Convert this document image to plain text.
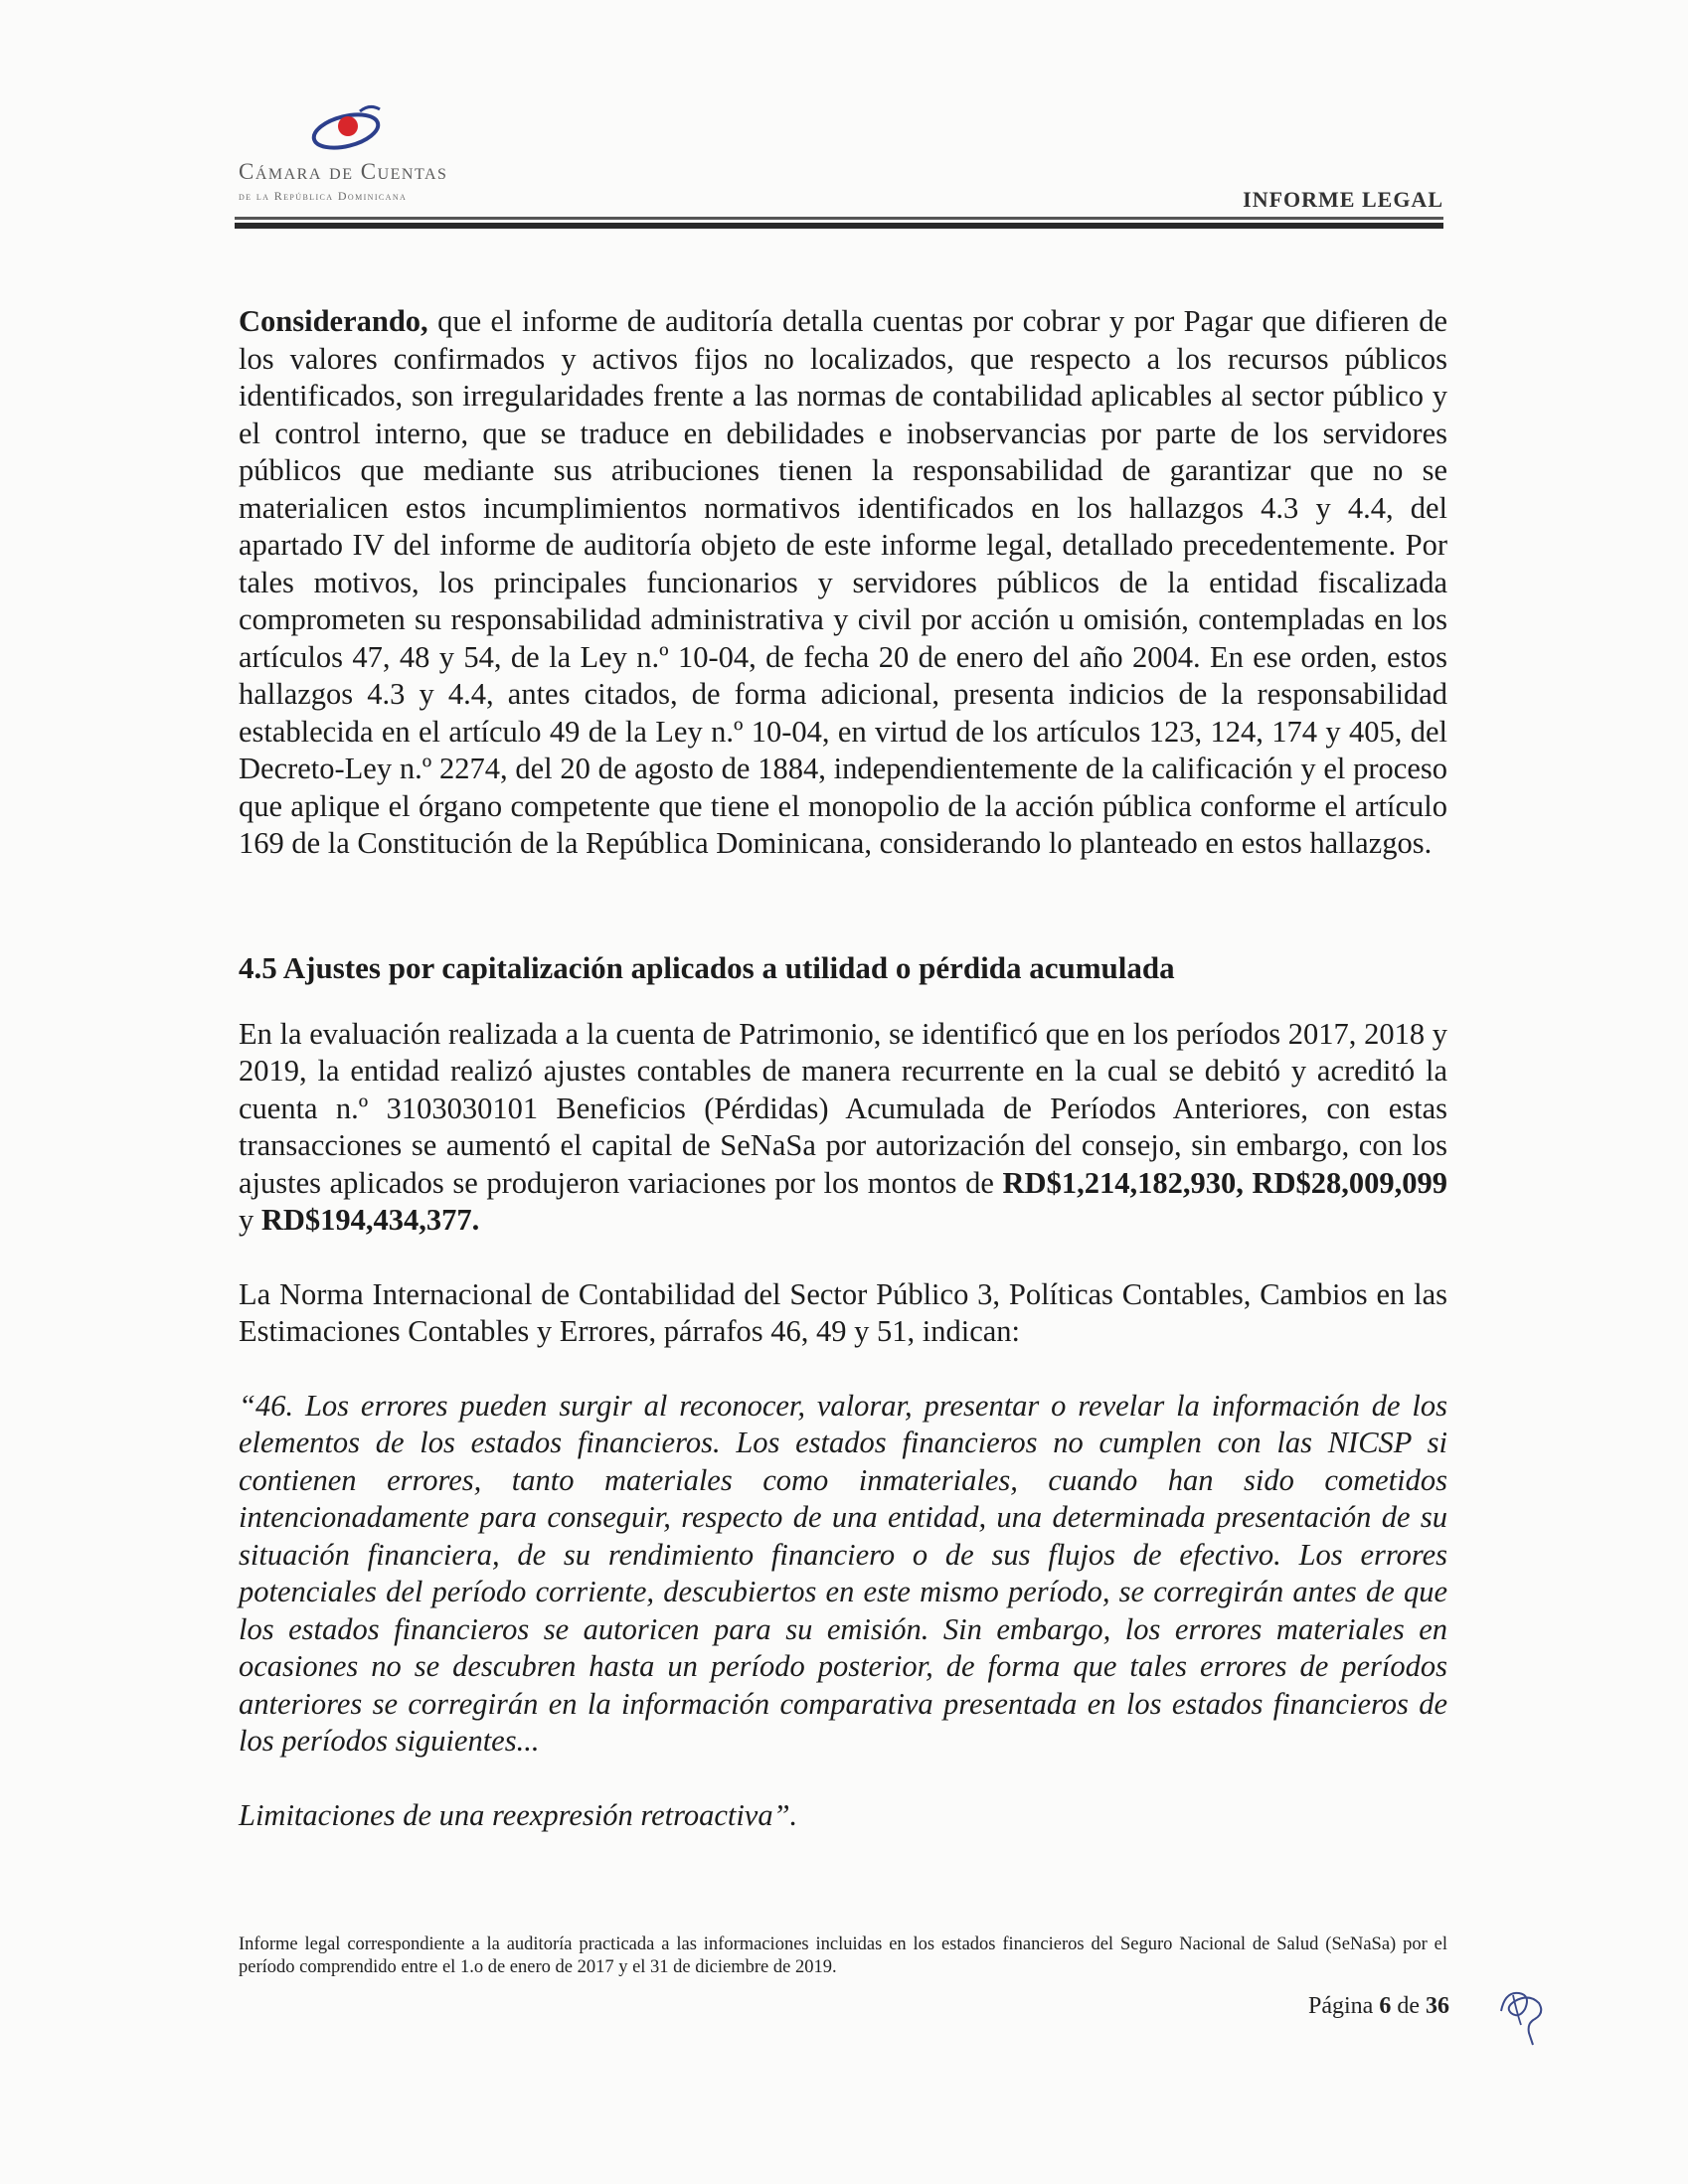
Cámara de Cuentas
de la República Dominicana	INFORME LEGAL

Considerando, que el informe de auditoría detalla cuentas por cobrar y por Pagar que difieren de los valores confirmados y activos fijos no localizados, que respecto a los recursos públicos identificados, son irregularidades frente a las normas de contabilidad aplicables al sector público y el control interno, que se traduce en debilidades e inobservancias por parte de los servidores públicos que mediante sus atribuciones tienen la responsabilidad de garantizar que no se materialicen estos incumplimientos normativos identificados en los hallazgos 4.3 y 4.4, del apartado IV del informe de auditoría objeto de este informe legal, detallado precedentemente. Por tales motivos, los principales funcionarios y servidores públicos de la entidad fiscalizada comprometen su responsabilidad administrativa y civil por acción u omisión, contempladas en los artículos 47, 48 y 54, de la Ley n.º 10-04, de fecha 20 de enero del año 2004. En ese orden, estos hallazgos 4.3 y 4.4, antes citados, de forma adicional, presenta indicios de la responsabilidad establecida en el artículo 49 de la Ley n.º 10-04, en virtud de los artículos 123, 124, 174 y 405, del Decreto-Ley n.º 2274, del 20 de agosto de 1884, independientemente de la calificación y el proceso que aplique el órgano competente que tiene el monopolio de la acción pública conforme el artículo 169 de la Constitución de la República Dominicana, considerando lo planteado en estos hallazgos.

4.5 Ajustes por capitalización aplicados a utilidad o pérdida acumulada

En la evaluación realizada a la cuenta de Patrimonio, se identificó que en los períodos 2017, 2018 y 2019, la entidad realizó ajustes contables de manera recurrente en la cual se debitó y acreditó la cuenta n.º 3103030101 Beneficios (Pérdidas) Acumulada de Períodos Anteriores, con estas transacciones se aumentó el capital de SeNaSa por autorización del consejo, sin embargo, con los ajustes aplicados se produjeron variaciones por los montos de RD$1,214,182,930, RD$28,009,099 y RD$194,434,377.

La Norma Internacional de Contabilidad del Sector Público 3, Políticas Contables, Cambios en las Estimaciones Contables y Errores, párrafos 46, 49 y 51, indican:

“46. Los errores pueden surgir al reconocer, valorar, presentar o revelar la información de los elementos de los estados financieros. Los estados financieros no cumplen con las NICSP si contienen errores, tanto materiales como inmateriales, cuando han sido cometidos intencionadamente para conseguir, respecto de una entidad, una determinada presentación de su situación financiera, de su rendimiento financiero o de sus flujos de efectivo. Los errores potenciales del período corriente, descubiertos en este mismo período, se corregirán antes de que los estados financieros se autoricen para su emisión. Sin embargo, los errores materiales en ocasiones no se descubren hasta un período posterior, de forma que tales errores de períodos anteriores se corregirán en la información comparativa presentada en los estados financieros de los períodos siguientes...

Limitaciones de una reexpresión retroactiva”.

Informe legal correspondiente a la auditoría practicada a las informaciones incluidas en los estados financieros del Seguro Nacional de Salud (SeNaSa) por el período comprendido entre el 1.o de enero de 2017 y el 31 de diciembre de 2019.
Página 6 de 36
